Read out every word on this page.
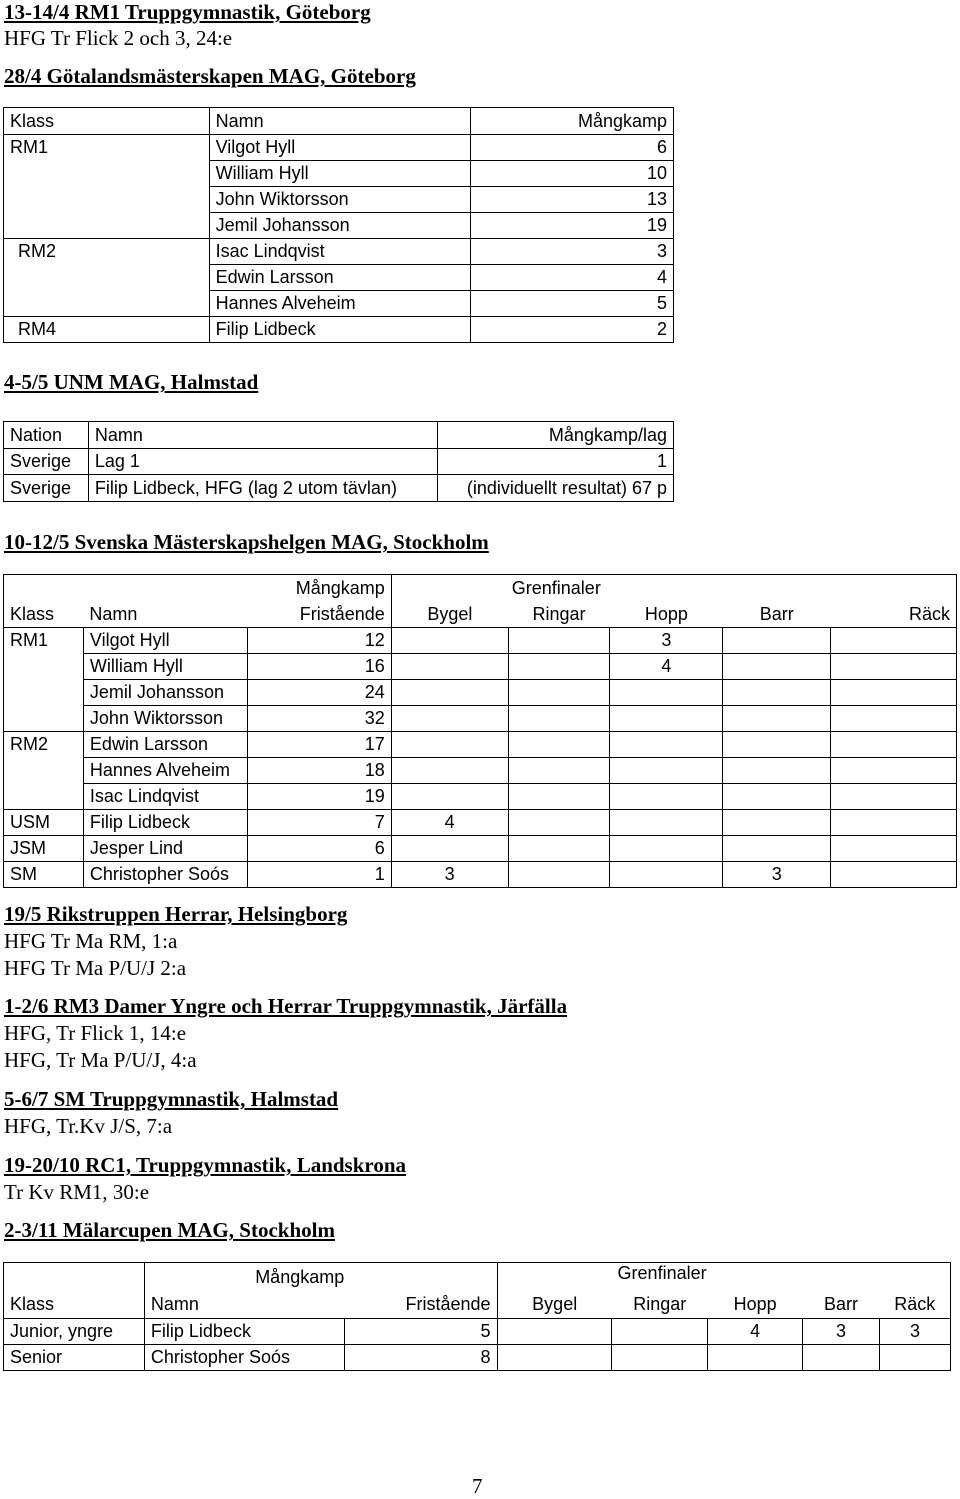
13-14/4 RM1 Truppgymnastik, Göteborg
HFG Tr Flick 2 och 3, 24:e
28/4 Götalandsmästerskapen MAG, Göteborg
Klass	Namn	Mångkamp
RM1	Vilgot Hyll	6
	William Hyll	10
	John Wiktorsson	13
	Jemil Johansson	19
RM2	Isac Lindqvist	3
	Edwin Larsson	4
	Hannes Alveheim	5
RM4	Filip Lidbeck	2
4-5/5 UNM MAG, Halmstad
Nation	Namn	Mångkamp/lag
Sverige	Lag 1	1
Sverige	Filip Lidbeck, HFG (lag 2 utom tävlan)	(individuellt resultat) 67 p
10-12/5 Svenska Mästerskapshelgen MAG, Stockholm
		Mångkamp	Grenfinaler				
Klass	Namn	Fristående	Bygel	Ringar	Hopp	Barr	Räck
RM1	Vilgot Hyll	12			3		
	William Hyll	16			4		
	Jemil Johansson	24					
	John Wiktorsson	32					
RM2	Edwin Larsson	17					
	Hannes Alveheim	18					
	Isac Lindqvist	19					
USM	Filip Lidbeck	7	4				
JSM	Jesper Lind	6					
SM	Christopher Soós	1	3			3	
19/5 Rikstruppen Herrar, Helsingborg
HFG Tr Ma RM, 1:a
HFG Tr Ma P/U/J 2:a
1-2/6 RM3 Damer Yngre och Herrar Truppgymnastik, Järfälla
HFG, Tr Flick 1, 14:e
HFG, Tr Ma P/U/J, 4:a
5-6/7 SM Truppgymnastik, Halmstad
HFG, Tr.Kv J/S, 7:a
19-20/10 RC1, Truppgymnastik, Landskrona
Tr Kv RM1, 30:e
2-3/11 Mälarcupen MAG, Stockholm
	Mångkamp		Grenfinaler				
Klass	Namn	Fristående	Bygel	Ringar	Hopp	Barr	Räck
Junior, yngre	Filip Lidbeck	5			4	3	3
Senior	Christopher Soós	8					
7
